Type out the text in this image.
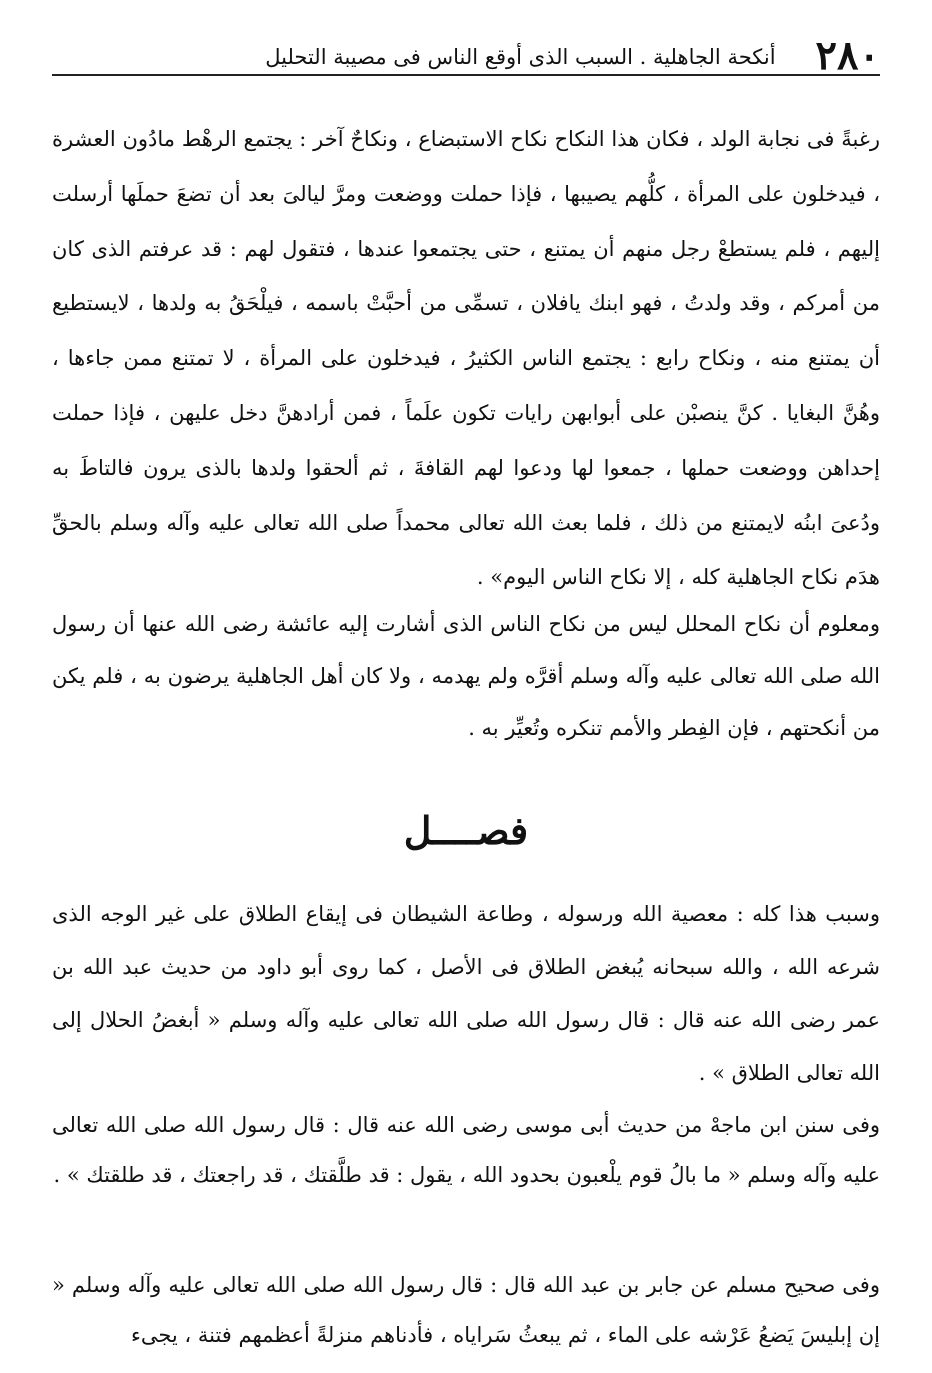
٢٨٠
أنكحة الجاهلية . السبب الذى أوقع الناس فى مصيبة التحليل

رغبةً فى نجابة الولد ، فكان هذا النكاح نكاح الاستبضاع ، ونكاحٌ آخر : يجتمع الرهْط مادُون العشرة ، فيدخلون على المرأة ، كلُّهم يصيبها ، فإذا حملت ووضعت ومرَّ ليالىَ بعد أن تضعَ حملَها أرسلت إليهم ، فلم يستطعْ رجل منهم أن يمتنع ، حتى يجتمعوا عندها ، فتقول لهم : قد عرفتم الذى كان من أمركم ، وقد ولدتُ ، فهو ابنك يافلان ، تسمِّى من أحبَّتْ باسمه ، فيلْحَقُ به ولدها ، لايستطيع أن يمتنع منه ، ونكاح رابع : يجتمع الناس الكثيرُ ، فيدخلون على المرأة ، لا تمتنع ممن جاءها ، وهُنَّ البغايا . كنَّ ينصبْن على أبوابهن رايات تكون علَماً ، فمن أرادهنَّ دخل عليهن ، فإذا حملت إحداهن ووضعت حملها ، جمعوا لها ودعوا لهم القافةَ ، ثم ألحقوا ولدها بالذى يرون فالتاطَ به ودُعىَ ابنُه لايمتنع من ذلك ، فلما بعث الله تعالى محمداً صلى الله تعالى عليه وآله وسلم بالحقِّ هدَم نكاح الجاهلية كله ، إلا نكاح الناس اليوم» .

ومعلوم أن نكاح المحلل ليس من نكاح الناس الذى أشارت إليه عائشة رضى الله عنها أن رسول الله صلى الله تعالى عليه وآله وسلم أقرَّه ولم يهدمه ، ولا كان أهل الجاهلية يرضون به ، فلم يكن من أنكحتهم ، فإن الفِطر والأمم تنكره وتُعيِّر به .

فصــــل

وسبب هذا كله : معصية الله ورسوله ، وطاعة الشيطان فى إيقاع الطلاق على غير الوجه الذى شرعه الله ، والله سبحانه يُبغض الطلاق فى الأصل ، كما روى أبو داود من حديث عبد الله بن عمر رضى الله عنه قال : قال رسول الله صلى الله تعالى عليه وآله وسلم « أبغضُ الحلال إلى الله تعالى الطلاق » .

وفى سنن ابن ماجهْ من حديث أبى موسى رضى الله عنه قال : قال رسول الله صلى الله تعالى عليه وآله وسلم « ما بالُ قوم يلْعبون بحدود الله ، يقول : قد طلَّقتك ، قد راجعتك ، قد طلقتك » .

وفى صحيح مسلم عن جابر بن عبد الله قال : قال رسول الله صلى الله تعالى عليه وآله وسلم « إن إبليسَ يَضعُ عَرْشه على الماء ، ثم يبعثُ سَراياه ، فأدناهم منزلةً أعظمهم فتنة ، يجىء
